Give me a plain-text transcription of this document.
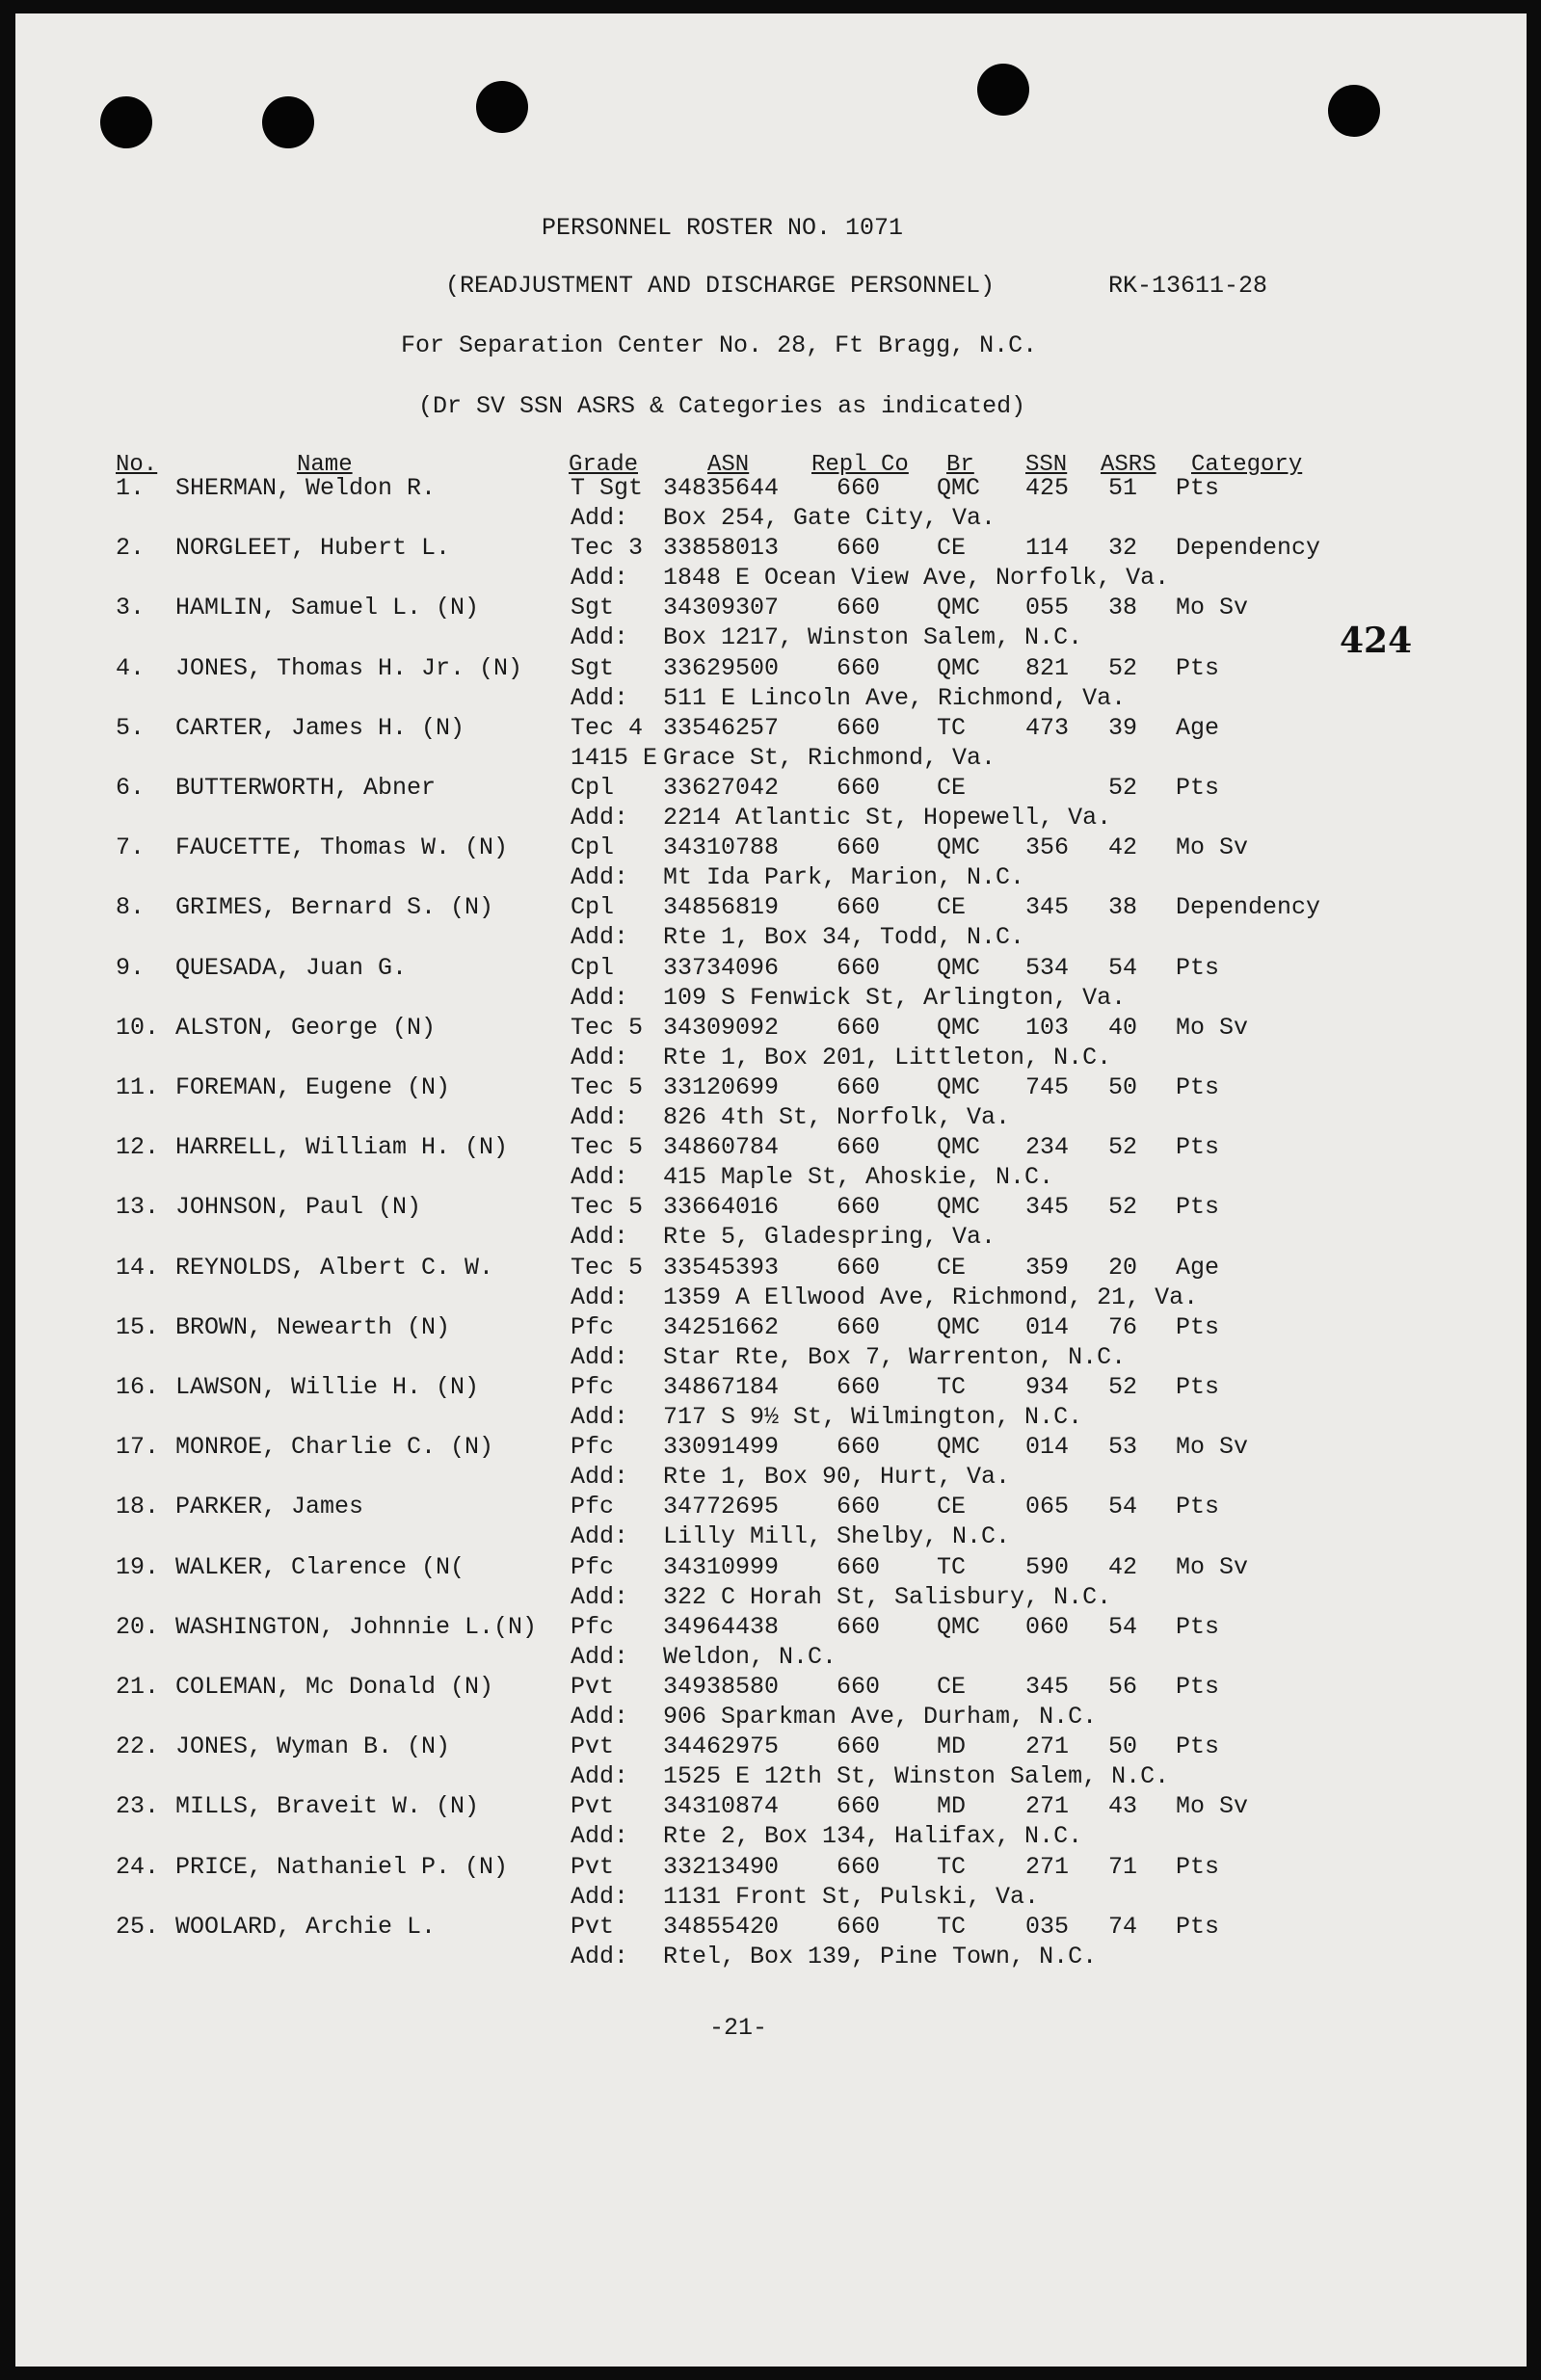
PERSONNEL ROSTER NO. 1071
(READJUSTMENT AND DISCHARGE PERSONNEL)	RK-13611-28
For Separation Center No. 28, Ft Bragg, N.C.
(Dr SV SSN ASRS & Categories as indicated)
No.	Name	Grade	ASN	Repl Co Br SSN ASRS Category
1. SHERMAN, Weldon R.	T Sgt 34835644 660 QMC 425 51 Pts
Add: Box 254, Gate City, Va.
2. NORGLEET, Hubert L.	Tec 3 33858013 660 CE 114 32 Dependency
Add: 1848 E Ocean View Ave, Norfolk, Va.
3. HAMLIN, Samuel L. (N)	Sgt 34309307 660 QMC 055 38 Mo Sv
Add: Box 1217, Winston Salem, N.C.
4. JONES, Thomas H. Jr. (N) Sgt 33629500 660 QMC 821 52 Pts
Add: 511 E Lincoln Ave, Richmond, Va.
5. CARTER, James H. (N)	Tec 4 33546257 660 TC 473 39 Age
1415 E Grace St, Richmond, Va.
6. BUTTERWORTH, Abner	Cpl 33627042 660 CE	52 Pts
Add: 2214 Atlantic St, Hopewell, Va.
7. FAUCETTE, Thomas W. (N)	Cpl 34310788 660 QMC 356 42 Mo Sv
Add: Mt Ida Park, Marion, N.C.
8. GRIMES, Bernard S. (N)	Cpl 34856819 660 CE 345 38 Dependency
Add: Rte 1, Box 34, Todd, N.C.
9. QUESADA, Juan G.	Cpl 33734096 660 QMC 534 54 Pts
Add: 109 S Fenwick St, Arlington, Va.
10. ALSTON, George (N)	Tec 5 34309092 660 QMC 103 40 Mo Sv
Add: Rte 1, Box 201, Littleton, N.C.
11. FOREMAN, Eugene (N)	Tec 5 33120699 660 QMC 745 50 Pts
Add: 826 4th St, Norfolk, Va.
12. HARRELL, William H. (N)	Tec 5 34860784 660 QMC 234 52 Pts
Add: 415 Maple St, Ahoskie, N.C.
13. JOHNSON, Paul (N)	Tec 5 33664016 660 QMC 345 52 Pts
Add: Rte 5, Gladespring, Va.
14. REYNOLDS, Albert C. W.	Tec 5 33545393 660 CE 359 20 Age
Add: 1359 A Ellwood Ave, Richmond, 21, Va.
15. BROWN, Newearth (N)	Pfc 34251662 660 QMC 014 76 Pts
Add: Star Rte, Box 7, Warrenton, N.C.
16. LAWSON, Willie H. (N)	Pfc 34867184 660 TC 934 52 Pts
Add: 717 S 9½ St, Wilmington, N.C.
17. MONROE, Charlie C. (N)	Pfc 33091499 660 QMC 014 53 Mo Sv
Add: Rte 1, Box 90, Hurt, Va.
18. PARKER, James	Pfc 34772695 660 CE 065 54 Pts
Add: Lilly Mill, Shelby, N.C.
19. WALKER, Clarence (N(	Pfc 34310999 660 TC 590 42 Mo Sv
Add: 322 C Horah St, Salisbury, N.C.
20. WASHINGTON, Johnnie L.(N) Pfc 34964438 660 QMC 060 54 Pts
Add: Weldon, N.C.
21. COLEMAN, Mc Donald (N)	Pvt 34938580 660 CE 345 56 Pts
Add: 906 Sparkman Ave, Durham, N.C.
22. JONES, Wyman B. (N)	Pvt 34462975 660 MD 271 50 Pts
Add: 1525 E 12th St, Winston Salem, N.C.
23. MILLS, Braveit W. (N)	Pvt 34310874 660 MD 271 43 Mo Sv
Add: Rte 2, Box 134, Halifax, N.C.
24. PRICE, Nathaniel P. (N)	Pvt 33213490 660 TC 271 71 Pts
Add: 1131 Front St, Pulski, Va.
25. WOOLARD, Archie L.	Pvt 34855420 660 TC 035 74 Pts
Add: Rtel, Box 139, Pine Town, N.C.
424
-21-
